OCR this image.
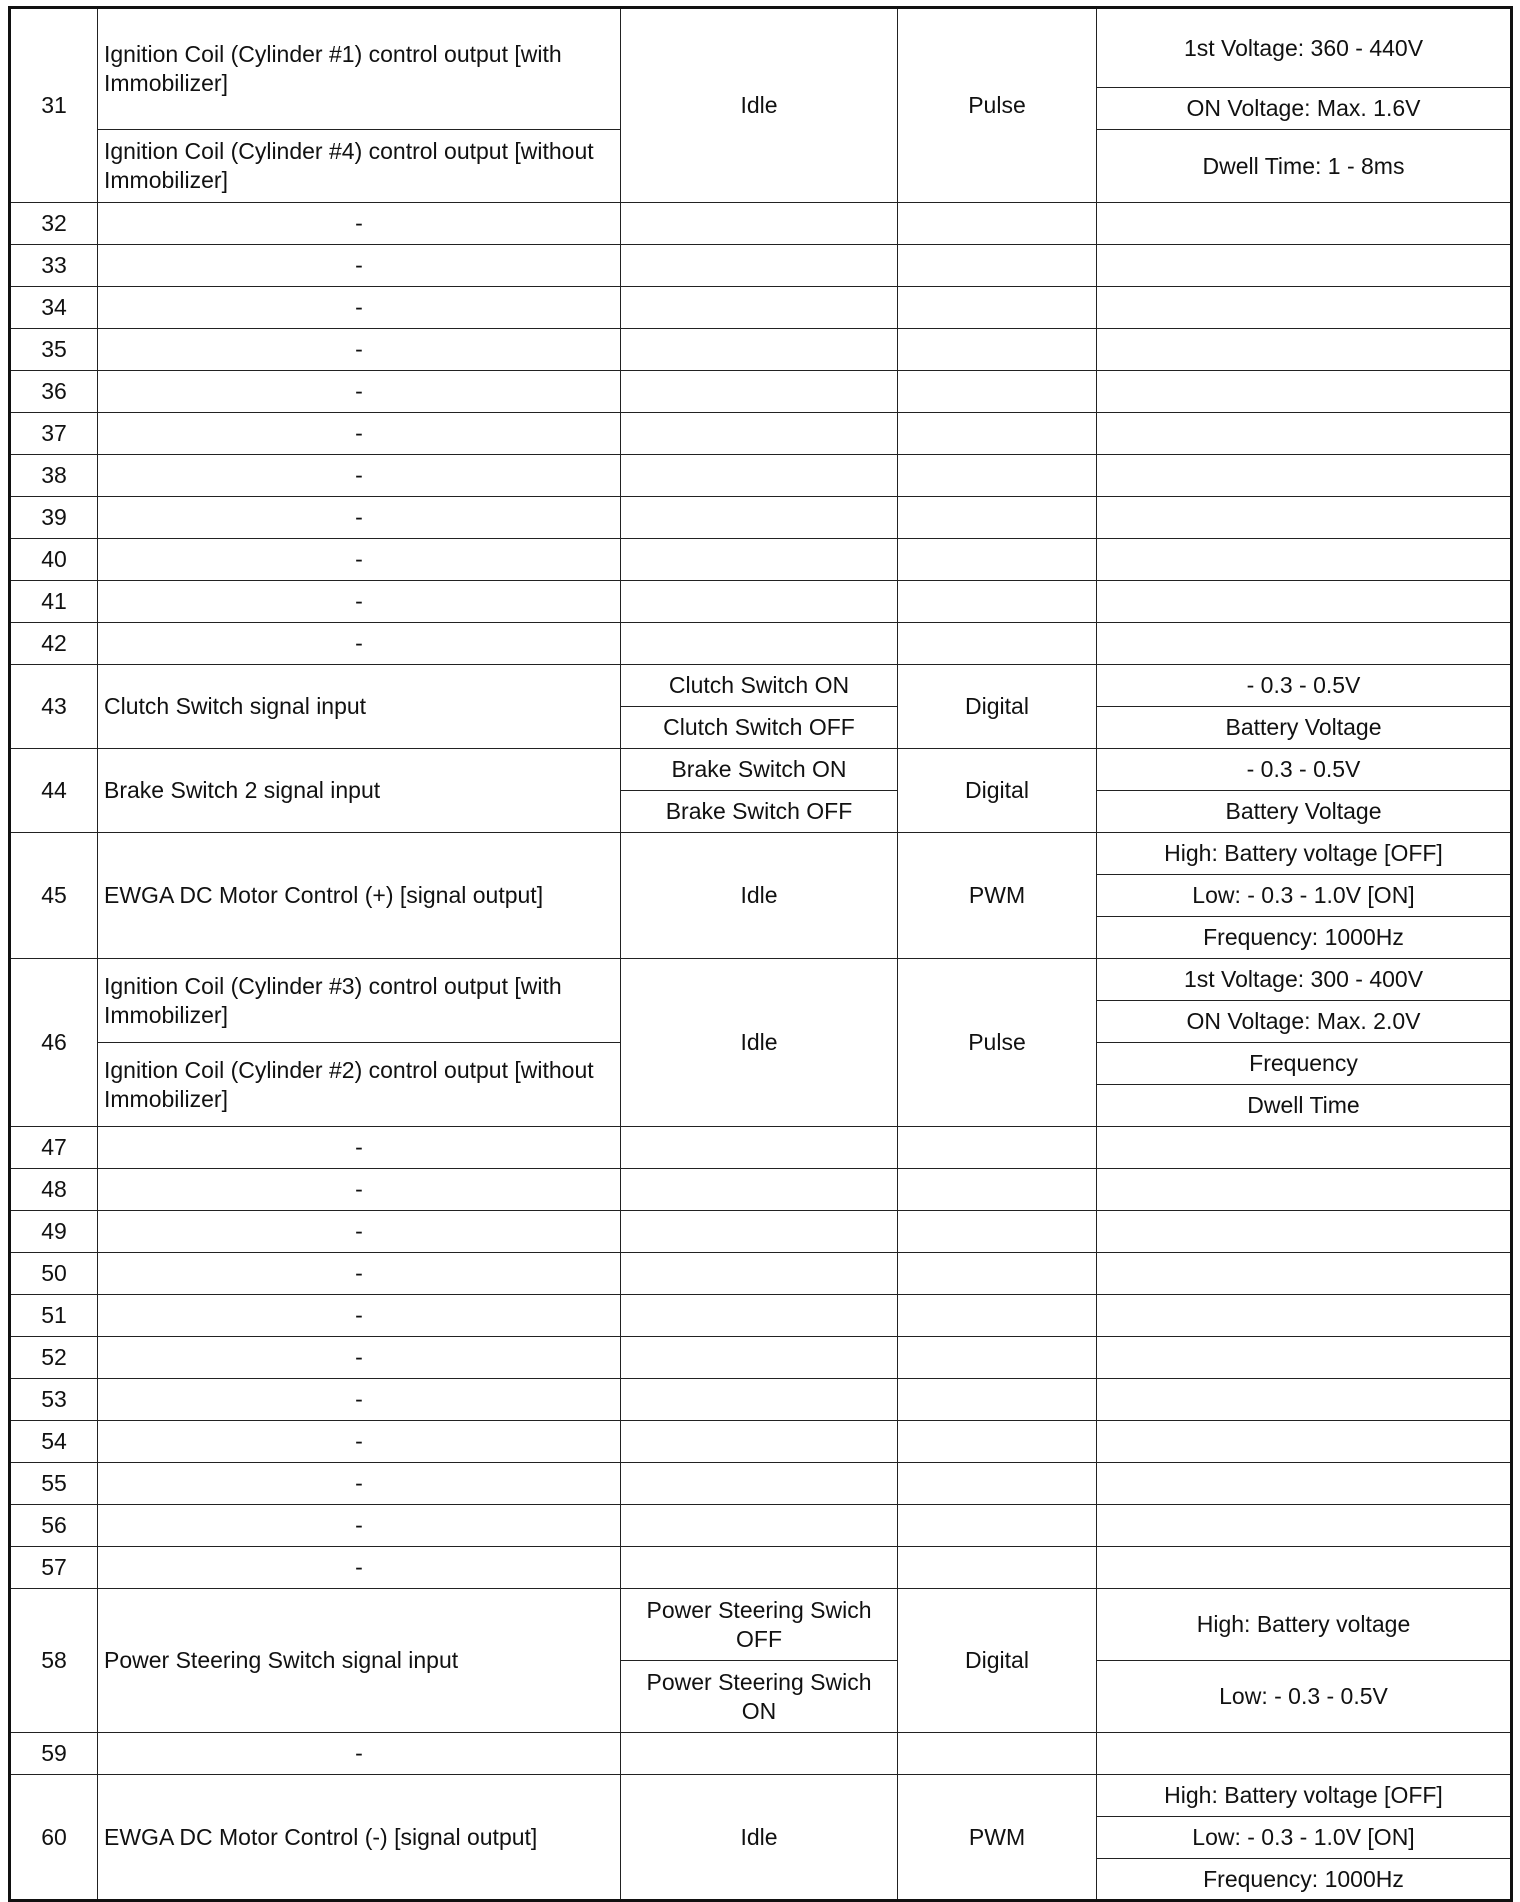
31	Ignition Coil (Cylinder #1) control output [with Immobilizer]	Idle	Pulse	1st Voltage: 360 - 440V
				ON Voltage: Max. 1.6V
	Ignition Coil (Cylinder #4) control output [without Immobilizer]			Dwell Time: 1 - 8ms
32	-			
33	-			
34	-			
35	-			
36	-			
37	-			
38	-			
39	-			
40	-			
41	-			
42	-			
43	Clutch Switch signal input	Clutch Switch ON	Digital	- 0.3 - 0.5V
		Clutch Switch OFF		Battery Voltage
44	Brake Switch 2 signal input	Brake Switch ON	Digital	- 0.3 - 0.5V
		Brake Switch OFF		Battery Voltage
45	EWGA DC Motor Control (+) [signal output]	Idle	PWM	High: Battery voltage [OFF]
				Low: - 0.3 - 1.0V [ON]
				Frequency: 1000Hz
46	Ignition Coil (Cylinder #3) control output [with Immobilizer]	Idle	Pulse	1st Voltage: 300 - 400V
				ON Voltage: Max. 2.0V
	Ignition Coil (Cylinder #2) control output [without Immobilizer]			Frequency
				Dwell Time
47	-			
48	-			
49	-			
50	-			
51	-			
52	-			
53	-			
54	-			
55	-			
56	-			
57	-			
58	Power Steering Switch signal input	Power Steering Swich OFF	Digital	High: Battery voltage
		Power Steering Swich ON		Low: - 0.3 - 0.5V
59	-			
60	EWGA DC Motor Control (-) [signal output]	Idle	PWM	High: Battery voltage [OFF]
				Low: - 0.3 - 1.0V [ON]
				Frequency: 1000Hz
